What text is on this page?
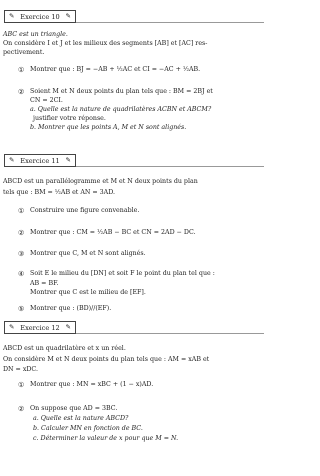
✎ Exercice 10 ✎
ABC est un triangle.
On considère I et J et les milieux des segments [AB] et [AC] res-
pectivement.
① Montrer que : BJ = −AB + ½AC et CI = −AC + ½AB.
② Soient M et N deux points du plan tels que : BM = 2BJ et
CN = 2CI.
a. Quelle est la nature de quadrilatères ACBN et ABCM?
justifier votre réponse.
b. Montrer que les points A, M et N sont alignés.
✎ Exercice 11 ✎
ABCD est un parallélogramme et M et N deux points du plan
tels que : BM = ½AB et AN = 3AD.
① Construire une figure convenable.
② Montrer que : CM = ½AB − BC et CN = 2AD − DC.
③ Montrer que C, M et N sont alignés.
④ Soit E le milieu du [DN] et soit F le point du plan tel que :
AB = BF.
Montrer que C est le milieu de [EF].
⑤ Montrer que : (BD)//(EF).
✎ Exercice 12 ✎
ABCD est un quadrilatère et x un réel.
On considère M et N deux points du plan tels que : AM = xAB et
DN = xDC.
① Montrer que : MN = xBC + (1 − x)AD.
② On suppose que AD = 3BC.
a. Quelle est la nature ABCD?
b. Calculer MN en fonction de BC.
c. Déterminer la valeur de x pour que M = N.
